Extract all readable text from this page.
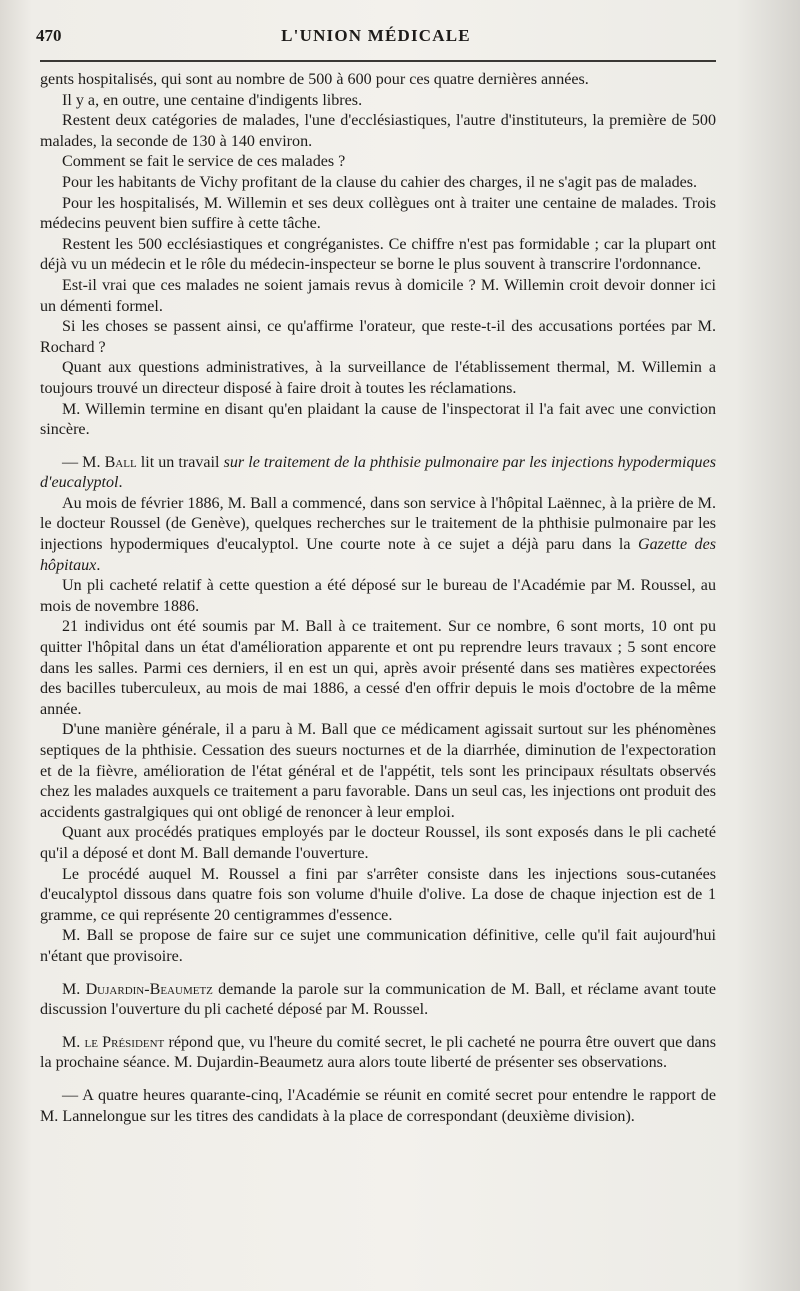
470	L'UNION MÉDICALE

gents hospitalisés, qui sont au nombre de 500 à 600 pour ces quatre dernières années.

Il y a, en outre, une centaine d'indigents libres.

Restent deux catégories de malades, l'une d'ecclésiastiques, l'autre d'instituteurs, la première de 500 malades, la seconde de 130 à 140 environ.

Comment se fait le service de ces malades ?

Pour les habitants de Vichy profitant de la clause du cahier des charges, il ne s'agit pas de malades.

Pour les hospitalisés, M. Willemin et ses deux collègues ont à traiter une centaine de malades. Trois médecins peuvent bien suffire à cette tâche.

Restent les 500 ecclésiastiques et congréganistes. Ce chiffre n'est pas formidable ; car la plupart ont déjà vu un médecin et le rôle du médecin-inspecteur se borne le plus souvent à transcrire l'ordonnance.

Est-il vrai que ces malades ne soient jamais revus à domicile ? M. Willemin croit devoir donner ici un démenti formel.

Si les choses se passent ainsi, ce qu'affirme l'orateur, que reste-t-il des accusations portées par M. Rochard ?

Quant aux questions administratives, à la surveillance de l'établissement thermal, M. Willemin a toujours trouvé un directeur disposé à faire droit à toutes les réclamations.

M. Willemin termine en disant qu'en plaidant la cause de l'inspectorat il l'a fait avec une conviction sincère.

— M. Ball lit un travail sur le traitement de la phthisie pulmonaire par les injections hypodermiques d'eucalyptol.

Au mois de février 1886, M. Ball a commencé, dans son service à l'hôpital Laënnec, à la prière de M. le docteur Roussel (de Genève), quelques recherches sur le traitement de la phthisie pulmonaire par les injections hypodermiques d'eucalyptol. Une courte note à ce sujet a déjà paru dans la Gazette des hôpitaux.

Un pli cacheté relatif à cette question a été déposé sur le bureau de l'Académie par M. Roussel, au mois de novembre 1886.

21 individus ont été soumis par M. Ball à ce traitement. Sur ce nombre, 6 sont morts, 10 ont pu quitter l'hôpital dans un état d'amélioration apparente et ont pu reprendre leurs travaux ; 5 sont encore dans les salles. Parmi ces derniers, il en est un qui, après avoir présenté dans ses matières expectorées des bacilles tuberculeux, au mois de mai 1886, a cessé d'en offrir depuis le mois d'octobre de la même année.

D'une manière générale, il a paru à M. Ball que ce médicament agissait surtout sur les phénomènes septiques de la phthisie. Cessation des sueurs nocturnes et de la diarrhée, diminution de l'expectoration et de la fièvre, amélioration de l'état général et de l'appétit, tels sont les principaux résultats observés chez les malades auxquels ce traitement a paru favorable. Dans un seul cas, les injections ont produit des accidents gastralgiques qui ont obligé de renoncer à leur emploi.

Quant aux procédés pratiques employés par le docteur Roussel, ils sont exposés dans le pli cacheté qu'il a déposé et dont M. Ball demande l'ouverture.

Le procédé auquel M. Roussel a fini par s'arrêter consiste dans les injections sous-cutanées d'eucalyptol dissous dans quatre fois son volume d'huile d'olive. La dose de chaque injection est de 1 gramme, ce qui représente 20 centigrammes d'essence.

M. Ball se propose de faire sur ce sujet une communication définitive, celle qu'il fait aujourd'hui n'étant que provisoire.

M. Dujardin-Beaumetz demande la parole sur la communication de M. Ball, et réclame avant toute discussion l'ouverture du pli cacheté déposé par M. Roussel.

M. le Président répond que, vu l'heure du comité secret, le pli cacheté ne pourra être ouvert que dans la prochaine séance. M. Dujardin-Beaumetz aura alors toute liberté de présenter ses observations.

— A quatre heures quarante-cinq, l'Académie se réunit en comité secret pour entendre le rapport de M. Lannelongue sur les titres des candidats à la place de correspondant (deuxième division).
